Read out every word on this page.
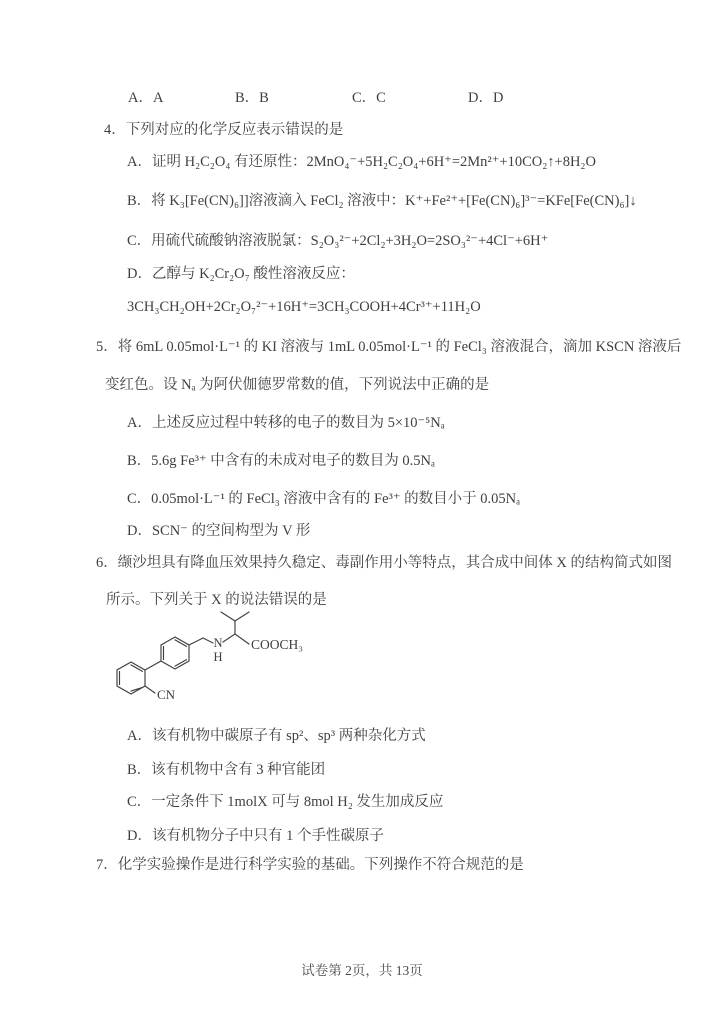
A．A	B．B	C．C	D．D
4．下列对应的化学反应表示错误的是
A．证明 H₂C₂O₄ 有还原性：2MnO₄⁻+5H₂C₂O₄+6H⁺=2Mn²⁺+10CO₂↑+8H₂O
B．将 K₃[Fe(CN)₆]]溶液滴入 FeCl₂ 溶液中：K⁺+Fe²⁺+[Fe(CN)₆]³⁻=KFe[Fe(CN)₆]↓
C．用硫代硫酸钠溶液脱氯：S₂O₃²⁻+2Cl₂+3H₂O=2SO₃²⁻+4Cl⁻+6H⁺
D．乙醇与 K₂Cr₂O₇ 酸性溶液反应：
3CH₃CH₂OH+2Cr₂O₇²⁻+16H⁺=3CH₃COOH+4Cr³⁺+11H₂O
5．将 6mL 0.05mol·L⁻¹ 的 KI 溶液与 1mL 0.05mol·L⁻¹ 的 FeCl₃ 溶液混合，滴加 KSCN 溶液后
变红色。设 Nₐ 为阿伏伽德罗常数的值，下列说法中正确的是
A．上述反应过程中转移的电子的数目为 5×10⁻⁵Nₐ
B．5.6g Fe³⁺ 中含有的未成对电子的数目为 0.5Nₐ
C．0.05mol·L⁻¹ 的 FeCl₃ 溶液中含有的 Fe³⁺ 的数目小于 0.05Nₐ
D．SCN⁻ 的空间构型为 V 形
6．缬沙坦具有降血压效果持久稳定、毒副作用小等特点，其合成中间体 X 的结构简式如图
所示。下列关于 X 的说法错误的是
CN
N
H
COOCH₃
A．该有机物中碳原子有 sp²、sp³ 两种杂化方式
B．该有机物中含有 3 种官能团
C．一定条件下 1molX 可与 8mol H₂ 发生加成反应
D．该有机物分子中只有 1 个手性碳原子
7．化学实验操作是进行科学实验的基础。下列操作不符合规范的是
试卷第 2页，共 13页
